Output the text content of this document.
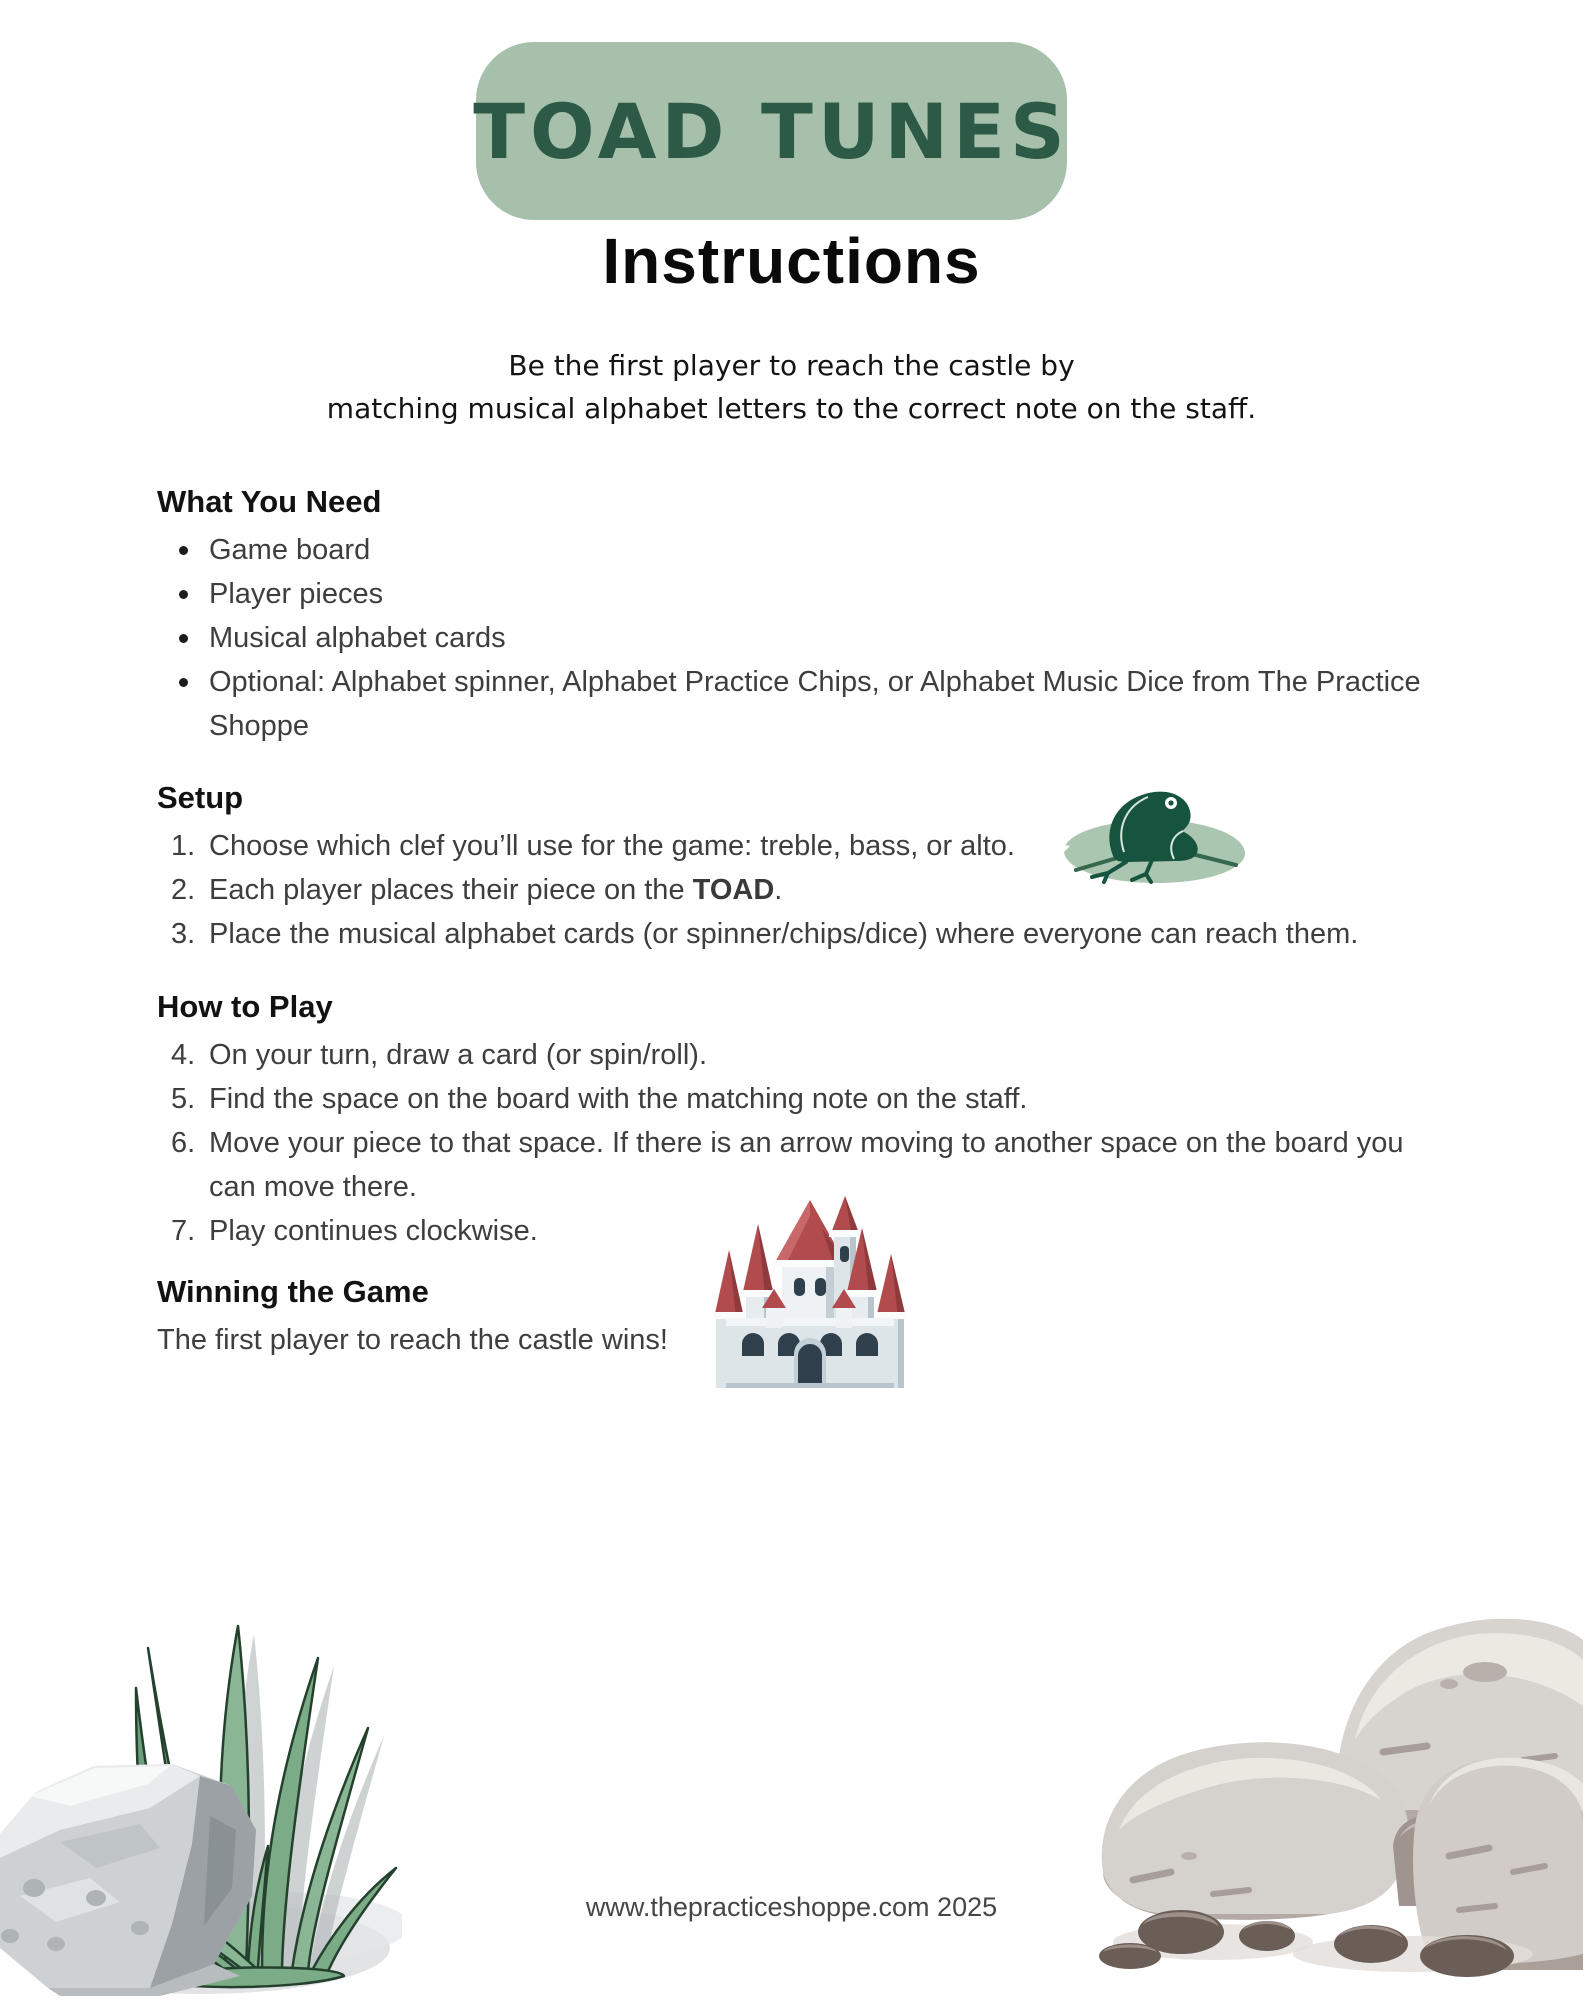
TOAD TUNES
Instructions
Be the first player to reach the castle by
matching musical alphabet letters to the correct note on the staff.
What You Need
Game board
Player pieces
Musical alphabet cards
Optional: Alphabet spinner, Alphabet Practice Chips, or Alphabet Music Dice from The Practice Shoppe
Setup
1. Choose which clef you’ll use for the game: treble, bass, or alto.
2. Each player places their piece on the TOAD.
3. Place the musical alphabet cards (or spinner/chips/dice) where everyone can reach them.
How to Play
4. On your turn, draw a card (or spin/roll).
5. Find the space on the board with the matching note on the staff.
6. Move your piece to that space. If there is an arrow moving to another space on the board you can move there.
7. Play continues clockwise.
Winning the Game

The first player to reach the castle wins!

www.thepracticeshoppe.com 2025
